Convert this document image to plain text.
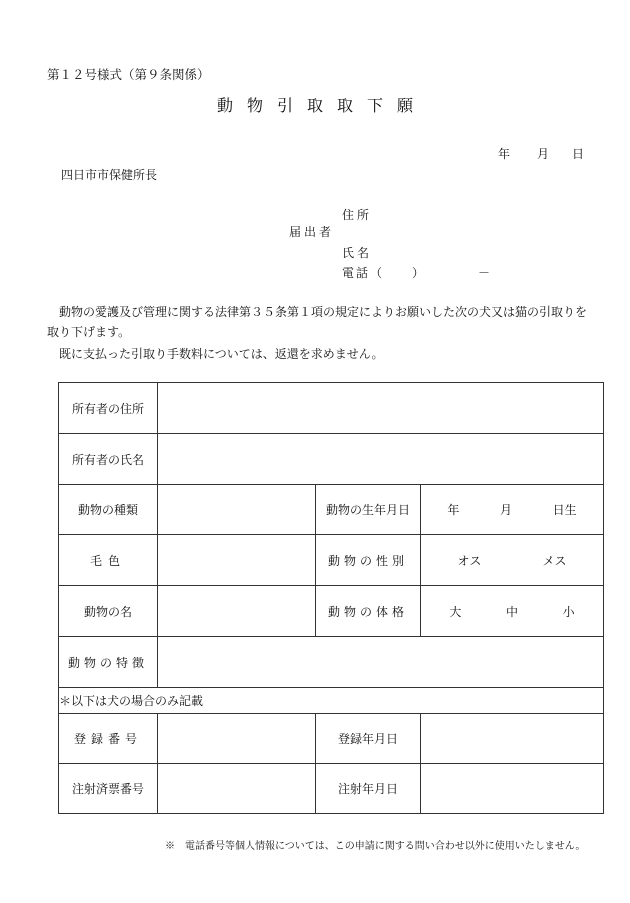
第１２号様式（第９条関係）
動物引取取下願
年 月 日
四日市市保健所長
住所
届出者
氏名
電話（　　）	－
動物の愛護及び管理に関する法律第３５条第１項の規定によりお願いした次の犬又は猫の引取りを取り下げます。
既に支払った引取り手数料については、返還を求めません。
所有者の住所			
所有者の氏名			
動物の種類		動物の生年月日	年 月 日生

毛色		動物の性別	オス メス

動物の名		動物の体格	大 中 小

動物の特徴			
＊以下は犬の場合のみ記載			
登録番号		登録年月日	
注射済票番号		注射年月日	
※　電話番号等個人情報については、この申請に関する問い合わせ以外に使用いたしません。
